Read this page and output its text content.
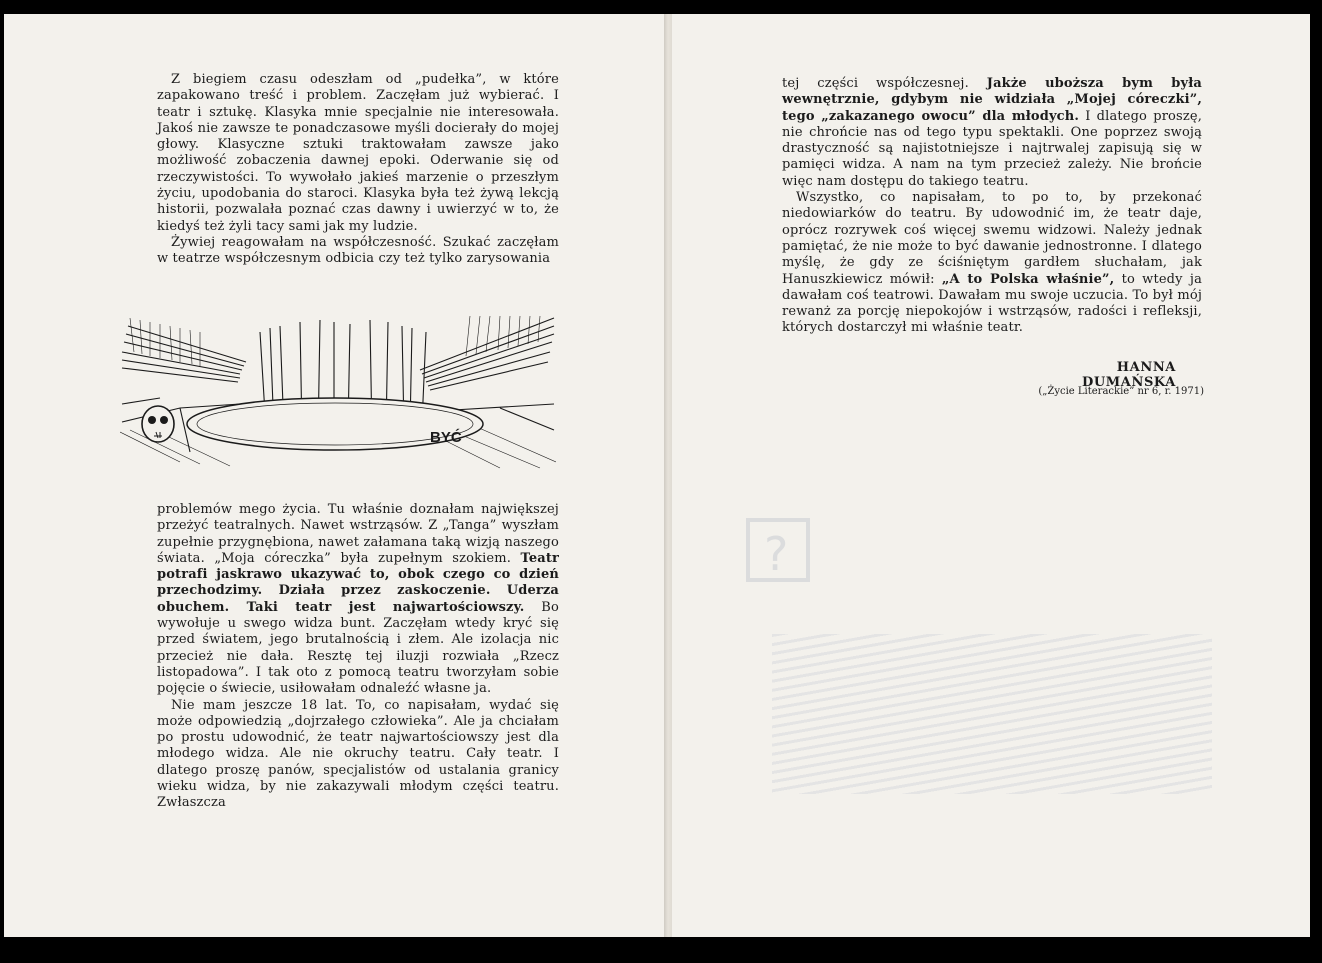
Z biegiem czasu odeszłam od „pudełka”, w które zapakowano treść i problem. Zaczęłam już wybierać. I teatr i sztukę. Klasyka mnie specjalnie nie interesowała. Jakoś nie zawsze te ponadczasowe myśli docierały do mojej głowy. Klasyczne sztuki traktowałam zawsze jako możliwość zobaczenia dawnej epoki. Oderwanie się od rzeczywistości. To wywołało jakieś marzenie o przeszłym życiu, upodobania do staroci. Klasyka była też żywą lekcją historii, pozwalała poznać czas dawny i uwierzyć w to, że kiedyś też żyli tacy sami jak my ludzie.

Żywiej reagowałam na współczesność. Szukać zaczęłam w teatrze współczesnym odbicia czy też tylko zarysowania

BYĆ

problemów mego życia. Tu właśnie doznałam największej przeżyć teatralnych. Nawet wstrząsów. Z „Tanga” wyszłam zupełnie przygnębiona, nawet załamana taką wizją naszego świata. „Moja córeczka” była zupełnym szokiem. Teatr potrafi jaskrawo ukazywać to, obok czego co dzień przechodzimy. Działa przez zaskoczenie. Uderza obuchem. Taki teatr jest najwartościowszy. Bo wywołuje u swego widza bunt. Zaczęłam wtedy kryć się przed światem, jego brutalnością i złem. Ale izolacja nic przecież nie dała. Resztę tej iluzji rozwiała „Rzecz listopadowa”. I tak oto z pomocą teatru tworzyłam sobie pojęcie o świecie, usiłowałam odnaleźć własne ja.

Nie mam jeszcze 18 lat. To, co napisałam, wydać się może odpowiedzią „dojrzałego człowieka”. Ale ja chciałam po prostu udowodnić, że teatr najwartościowszy jest dla młodego widza. Ale nie okruchy teatru. Cały teatr. I dlatego proszę panów, specjalistów od ustalania granicy wieku widza, by nie zakazywali młodym części teatru. Zwłaszcza

?

tej części współczesnej. Jakże uboższa bym była wewnętrznie, gdybym nie widziała „Mojej córeczki”, tego „zakazanego owocu” dla młodych. I dlatego proszę, nie chrońcie nas od tego typu spektakli. One poprzez swoją drastyczność są najistotniejsze i najtrwalej zapisują się w pamięci widza. A nam na tym przecież zależy. Nie brońcie więc nam dostępu do takiego teatru.

Wszystko, co napisałam, to po to, by przekonać niedowiarków do teatru. By udowodnić im, że teatr daje, oprócz rozrywek coś więcej swemu widzowi. Należy jednak pamiętać, że nie może to być dawanie jednostronne. I dlatego myślę, że gdy ze ściśniętym gardłem słuchałam, jak Hanuszkiewicz mówił: „A to Polska właśnie”, to wtedy ja dawałam coś teatrowi. Dawałam mu swoje uczucia. To był mój rewanż za porcję niepokojów i wstrząsów, radości i refleksji, których dostarczył mi właśnie teatr.

HANNA DUMAŃSKA
(„Życie Literackie” nr 6, r. 1971)
